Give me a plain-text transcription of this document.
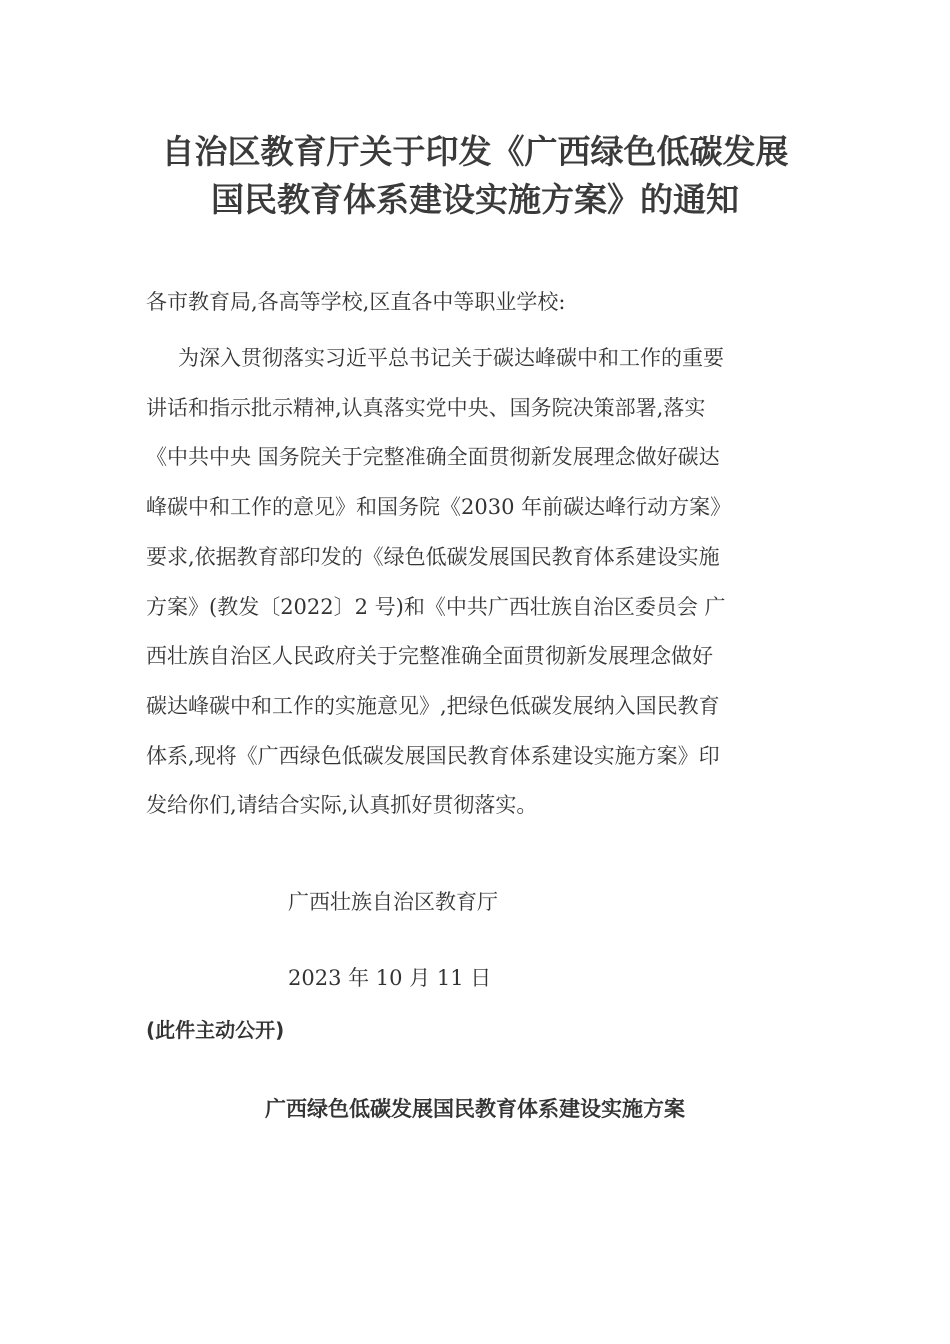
自治区教育厅关于印发《广西绿色低碳发展
国民教育体系建设实施方案》的通知

各市教育局,各高等学校,区直各中等职业学校:

为深入贯彻落实习近平总书记关于碳达峰碳中和工作的重要
讲话和指示批示精神,认真落实党中央、国务院决策部署,落实
《中共中央 国务院关于完整准确全面贯彻新发展理念做好碳达
峰碳中和工作的意见》和国务院《2030 年前碳达峰行动方案》
要求,依据教育部印发的《绿色低碳发展国民教育体系建设实施
方案》(教发〔2022〕2 号)和《中共广西壮族自治区委员会 广
西壮族自治区人民政府关于完整准确全面贯彻新发展理念做好
碳达峰碳中和工作的实施意见》,把绿色低碳发展纳入国民教育
体系,现将《广西绿色低碳发展国民教育体系建设实施方案》印
发给你们,请结合实际,认真抓好贯彻落实。

广西壮族自治区教育厅

2023 年 10 月 11 日

(此件主动公开)

广西绿色低碳发展国民教育体系建设实施方案
